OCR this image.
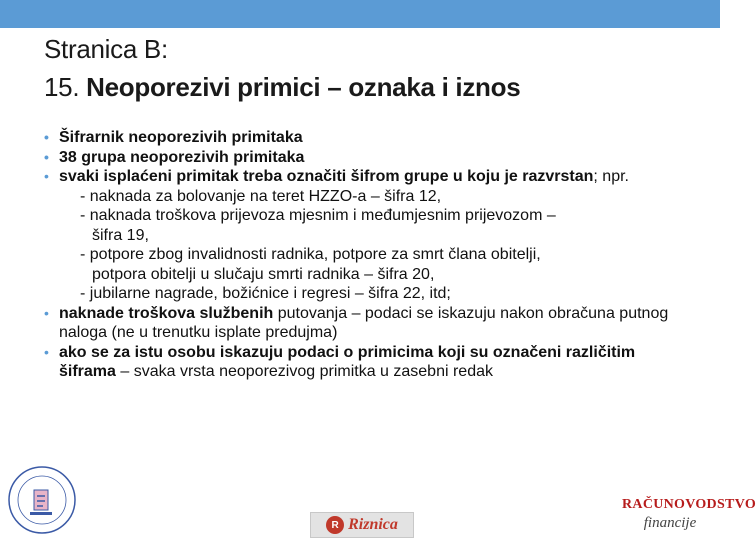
Stranica B:
15. Neoporezivi primici – oznaka i iznos
• Šifrarnik neoporezivih primitaka
• 38 grupa neoporezivih primitaka
• svaki isplaćeni primitak treba označiti šifrom grupe u koju je razvrstan; npr.
- naknada za bolovanje na teret HZZO-a – šifra 12,
- naknada troškova prijevoza mjesnim i međumjesnim prijevozom –
šifra 19,
- potpore zbog invalidnosti radnika, potpore za smrt člana obitelji,
potpora obitelji u slučaju smrti radnika – šifra 20,
- jubilarne nagrade, božićnice i regresi – šifra 22, itd;
• naknade troškova službenih putovanja – podaci se iskazuju nakon obračuna putnog naloga (ne u trenutku isplate predujma)
• ako se za istu osobu iskazuju podaci o primicima koji su označeni različitim šiframa – svaka vrsta neoporezivog primitka u zasebni redak
R Riznica
RAČUNOVODSTVO
financije
